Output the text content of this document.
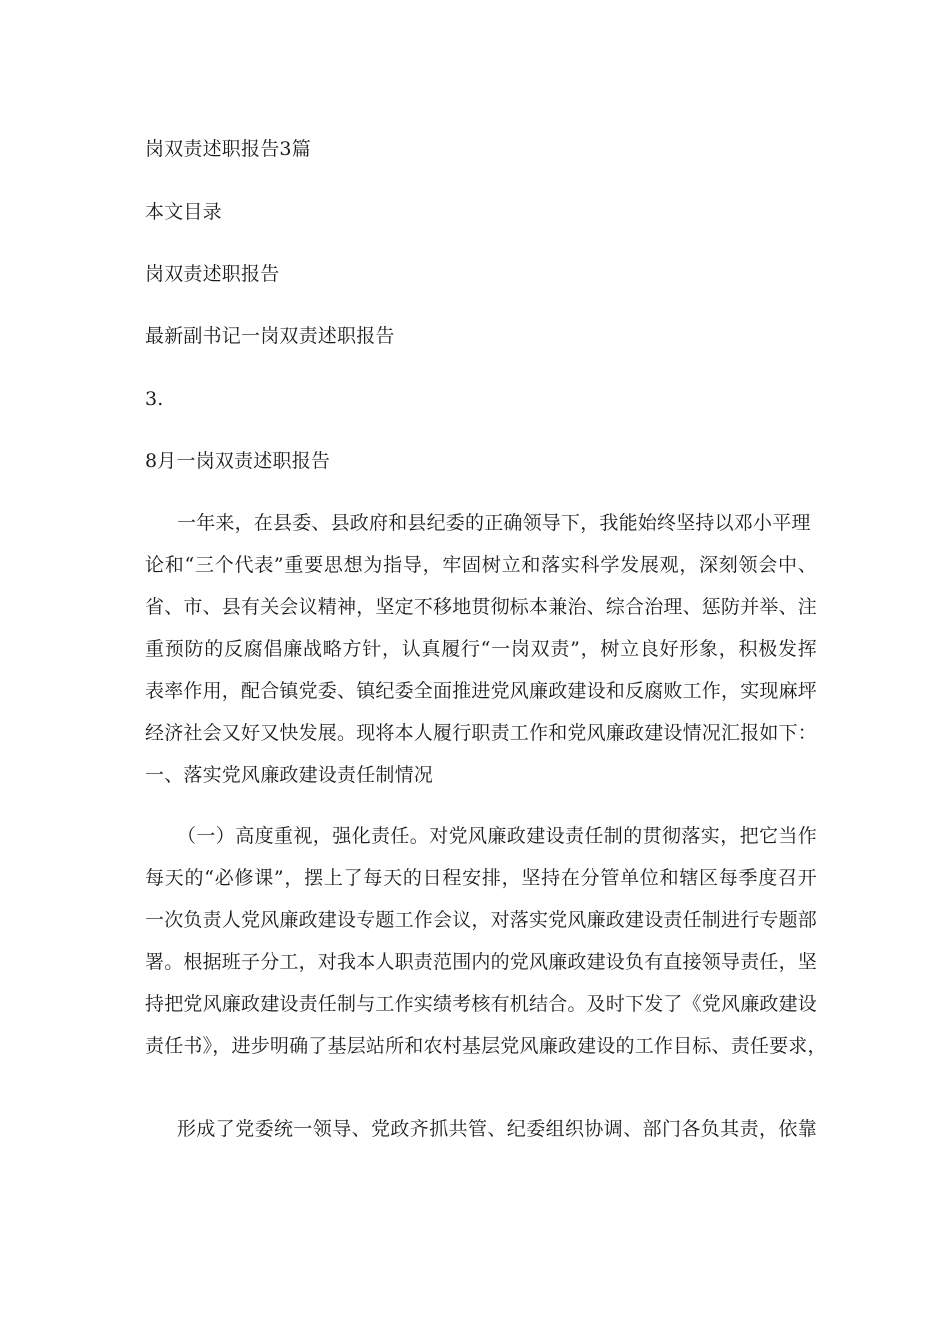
岗双责述职报告3篇
本文目录
岗双责述职报告
最新副书记一岗双责述职报告
3.
8月一岗双责述职报告
一年来，在县委、县政府和县纪委的正确领导下，我能始终坚持以邓小平理
论和“三个代表”重要思想为指导，牢固树立和落实科学发展观，深刻领会中、
省、市、县有关会议精神，坚定不移地贯彻标本兼治、综合治理、惩防并举、注
重预防的反腐倡廉战略方针，认真履行“一岗双责”，树立良好形象，积极发挥
表率作用，配合镇党委、镇纪委全面推进党风廉政建设和反腐败工作，实现麻坪
经济社会又好又快发展。现将本人履行职责工作和党风廉政建设情况汇报如下：
一、落实党风廉政建设责任制情况
（一）高度重视，强化责任。对党风廉政建设责任制的贯彻落实，把它当作
每天的“必修课”，摆上了每天的日程安排，坚持在分管单位和辖区每季度召开
一次负责人党风廉政建设专题工作会议，对落实党风廉政建设责任制进行专题部
署。根据班子分工，对我本人职责范围内的党风廉政建设负有直接领导责任，坚
持把党风廉政建设责任制与工作实绩考核有机结合。及时下发了《党风廉政建设
责任书》，进步明确了基层站所和农村基层党风廉政建设的工作目标、责任要求，
形成了党委统一领导、党政齐抓共管、纪委组织协调、部门各负其责，依靠
